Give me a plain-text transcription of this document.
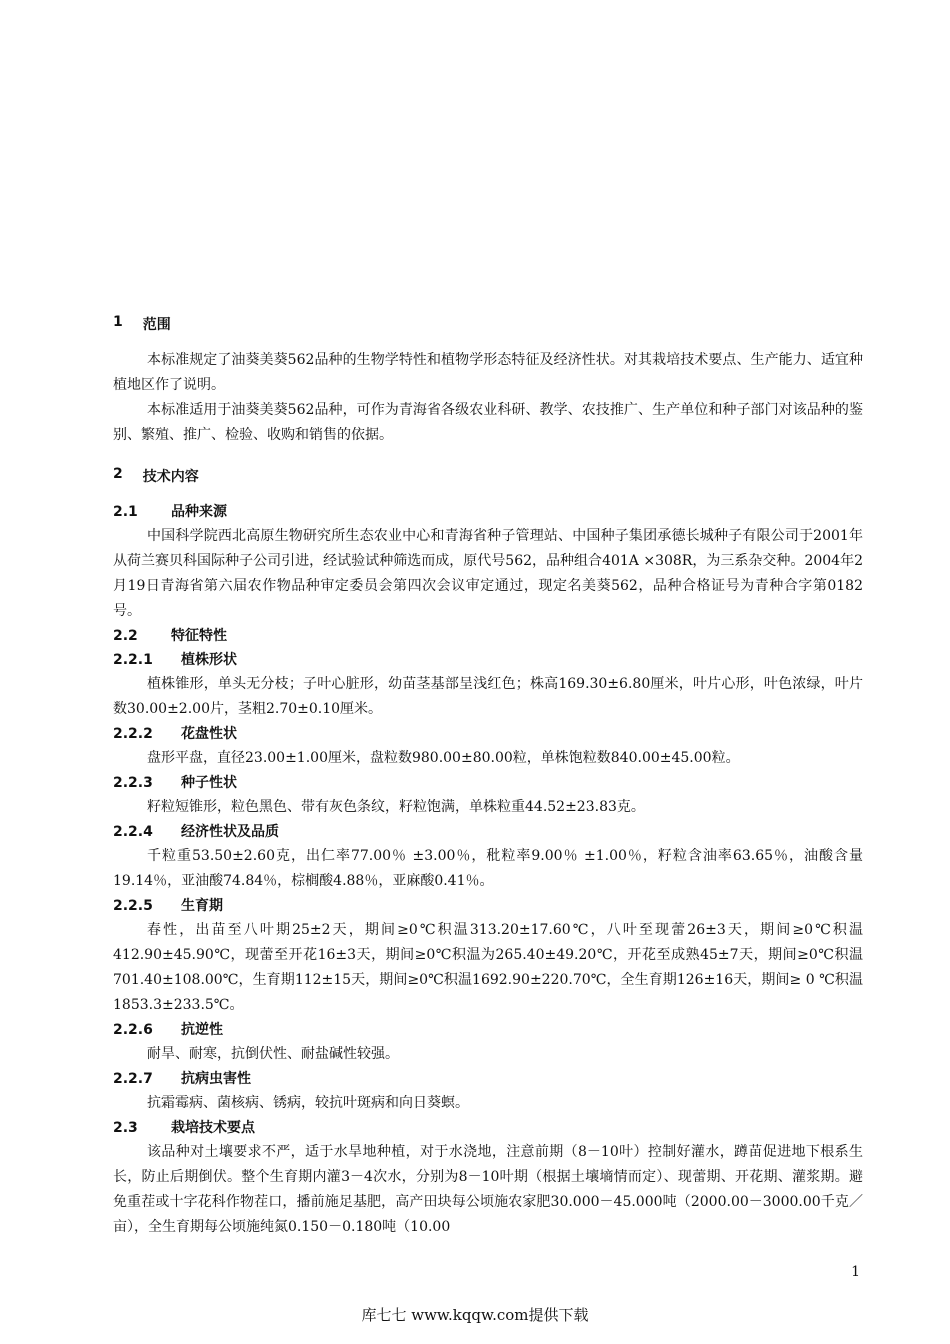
1 范围

本标准规定了油葵美葵562品种的生物学特性和植物学形态特征及经济性状。对其栽培技术要点、生产能力、适宜种植地区作了说明。

本标准适用于油葵美葵562品种，可作为青海省各级农业科研、教学、农技推广、生产单位和种子部门对该品种的鉴别、繁殖、推广、检验、收购和销售的依据。

2 技术内容
2.1	品种来源

中国科学院西北高原生物研究所生态农业中心和青海省种子管理站、中国种子集团承德长城种子有限公司于2001年从荷兰赛贝科国际种子公司引进，经试验试种筛选而成，原代号562，品种组合401A ×308R，为三系杂交种。2004年2月19日青海省第六届农作物品种审定委员会第四次会议审定通过，现定名美葵562，品种合格证号为青种合字第0182号。

2.2	特征特性
2.2.1	植株形状

植株锥形，单头无分枝；子叶心脏形，幼苗茎基部呈浅红色；株高169.30±6.80厘米，叶片心形，叶色浓绿，叶片数30.00±2.00片，茎粗2.70±0.10厘米。

2.2.2	花盘性状

盘形平盘，直径23.00±1.00厘米，盘粒数980.00±80.00粒，单株饱粒数840.00±45.00粒。

2.2.3	种子性状

籽粒短锥形，粒色黑色、带有灰色条纹，籽粒饱满，单株粒重44.52±23.83克。

2.2.4	经济性状及品质

千粒重53.50±2.60克，出仁率77.00％ ±3.00％，秕粒率9.00％ ±1.00％，籽粒含油率63.65％，油酸含量19.14％，亚油酸74.84％，棕榈酸4.88％，亚麻酸0.41％。

2.2.5	生育期

春性，出苗至八叶期25±2天，期间≥0℃积温313.20±17.60℃，八叶至现蕾26±3天，期间≥0℃积温412.90±45.90℃，现蕾至开花16±3天，期间≥0℃积温为265.40±49.20℃，开花至成熟45±7天，期间≥0℃积温701.40±108.00℃，生育期112±15天，期间≥0℃积温1692.90±220.70℃，全生育期126±16天，期间≥ 0 ℃积温1853.3±233.5℃。

2.2.6	抗逆性

耐旱、耐寒，抗倒伏性、耐盐碱性较强。

2.2.7	抗病虫害性

抗霜霉病、菌核病、锈病，较抗叶斑病和向日葵螟。

2.3	栽培技术要点

该品种对土壤要求不严，适于水旱地种植，对于水浇地，注意前期（8－10叶）控制好灌水，蹲苗促进地下根系生长，防止后期倒伏。整个生育期内灌3－4次水，分别为8－10叶期（根据土壤墒情而定）、现蕾期、开花期、灌浆期。避免重茬或十字花科作物茬口，播前施足基肥，高产田块每公顷施农家肥30.000－45.000吨（2000.00－3000.00千克／亩），全生育期每公顷施纯氮0.150－0.180吨（10.00

1
库七七 www.kqqw.com提供下载
